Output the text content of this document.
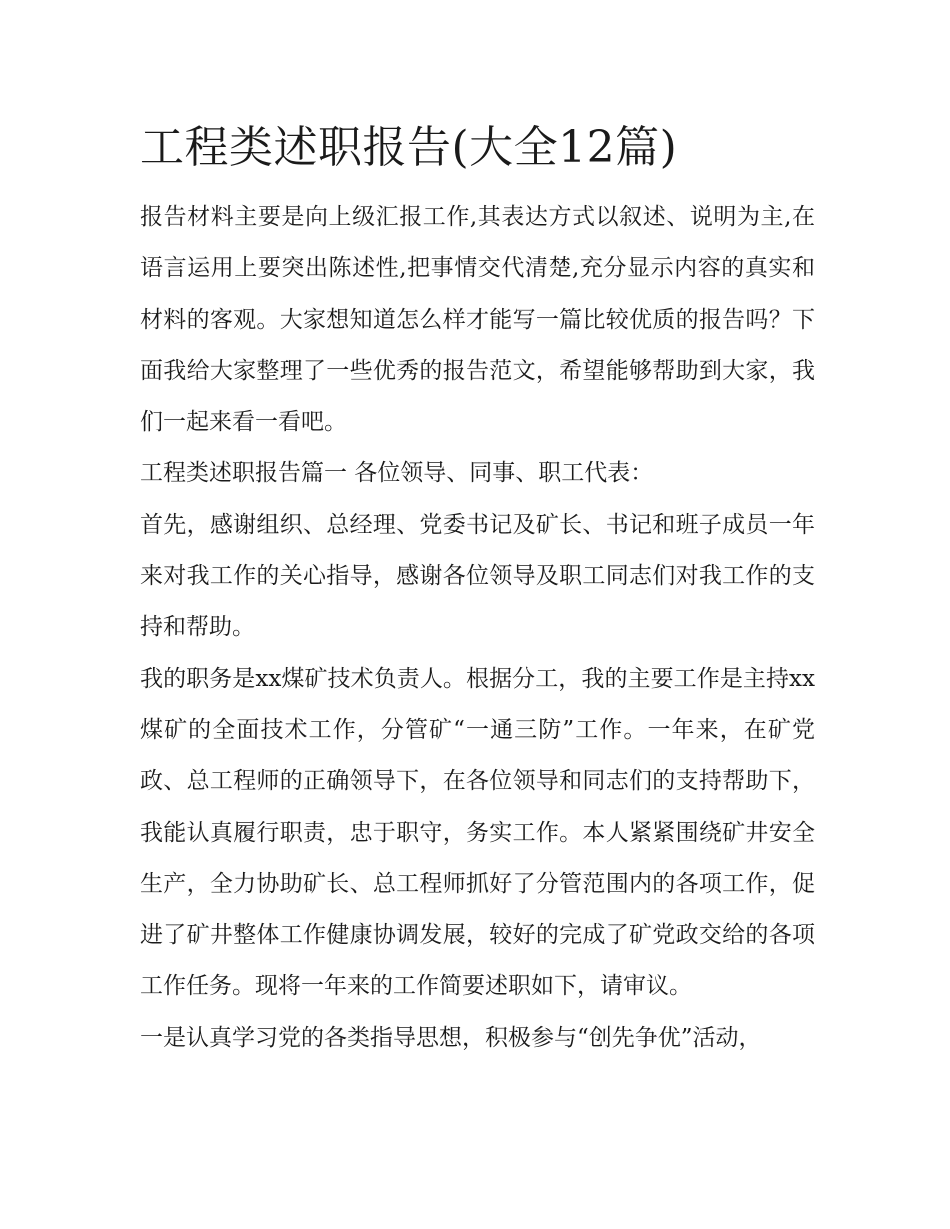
工程类述职报告(大全12篇)

报告材料主要是向上级汇报工作,其表达方式以叙述、说明为主,在语言运用上要突出陈述性,把事情交代清楚,充分显示内容的真实和材料的客观。大家想知道怎么样才能写一篇比较优质的报告吗？下面我给大家整理了一些优秀的报告范文，希望能够帮助到大家，我们一起来看一看吧。

工程类述职报告篇一 各位领导、同事、职工代表：

首先，感谢组织、总经理、党委书记及矿长、书记和班子成员一年来对我工作的关心指导，感谢各位领导及职工同志们对我工作的支持和帮助。

我的职务是xx煤矿技术负责人。根据分工，我的主要工作是主持xx煤矿的全面技术工作，分管矿“一通三防”工作。一年来，在矿党政、总工程师的正确领导下，在各位领导和同志们的支持帮助下，我能认真履行职责，忠于职守，务实工作。本人紧紧围绕矿井安全生产，全力协助矿长、总工程师抓好了分管范围内的各项工作，促进了矿井整体工作健康协调发展，较好的完成了矿党政交给的各项工作任务。现将一年来的工作简要述职如下，请审议。

一是认真学习党的各类指导思想，积极参与“创先争优”活动，
